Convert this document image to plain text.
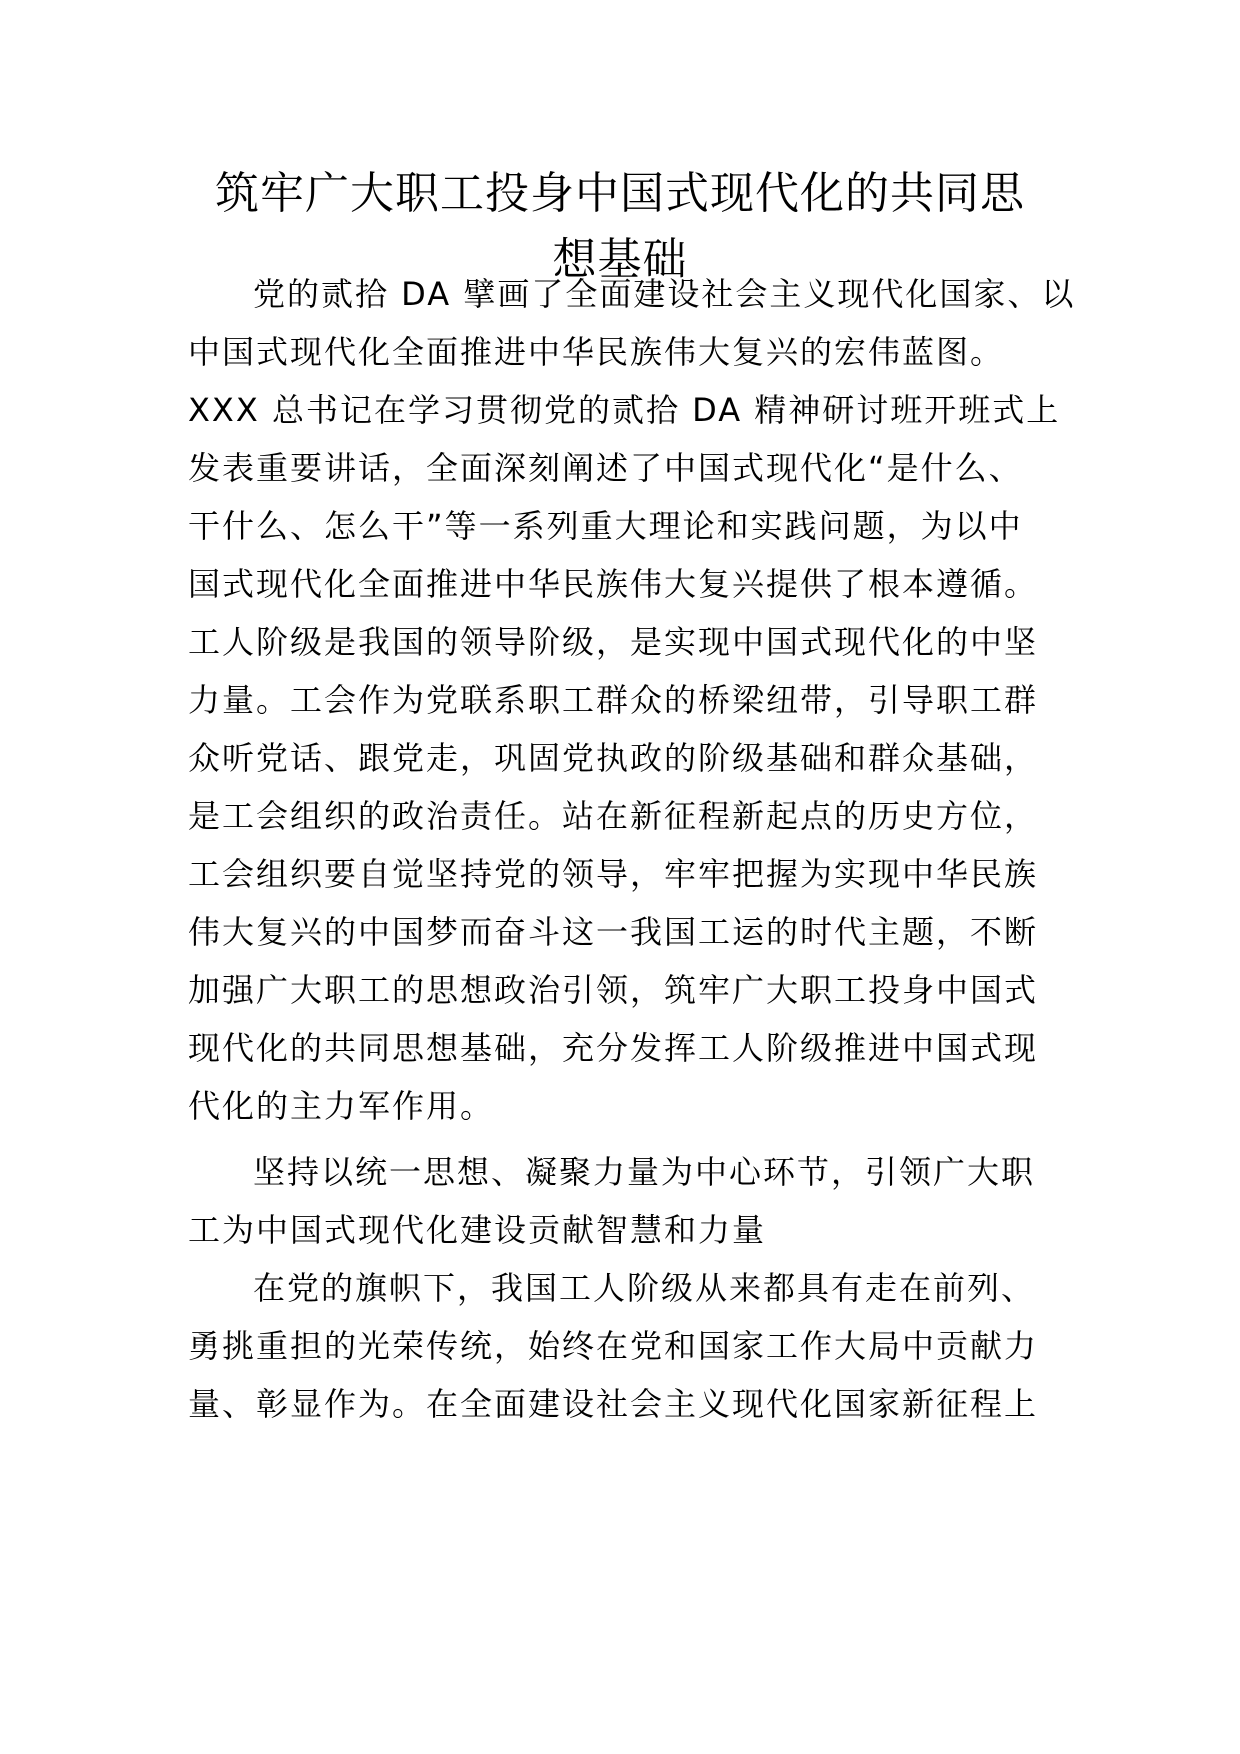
筑牢广大职工投身中国式现代化的共同思
想基础
党的贰拾 DA 擘画了全面建设社会主义现代化国家、以
中国式现代化全面推进中华民族伟大复兴的宏伟蓝图。
XXX 总书记在学习贯彻党的贰拾 DA 精神研讨班开班式上
发表重要讲话，全面深刻阐述了中国式现代化“是什么、
干什么、怎么干”等一系列重大理论和实践问题，为以中
国式现代化全面推进中华民族伟大复兴提供了根本遵循。
工人阶级是我国的领导阶级，是实现中国式现代化的中坚
力量。工会作为党联系职工群众的桥梁纽带，引导职工群
众听党话、跟党走，巩固党执政的阶级基础和群众基础，
是工会组织的政治责任。站在新征程新起点的历史方位，
工会组织要自觉坚持党的领导，牢牢把握为实现中华民族
伟大复兴的中国梦而奋斗这一我国工运的时代主题，不断
加强广大职工的思想政治引领，筑牢广大职工投身中国式
现代化的共同思想基础，充分发挥工人阶级推进中国式现
代化的主力军作用。
坚持以统一思想、凝聚力量为中心环节，引领广大职
工为中国式现代化建设贡献智慧和力量
在党的旗帜下，我国工人阶级从来都具有走在前列、
勇挑重担的光荣传统，始终在党和国家工作大局中贡献力
量、彰显作为。在全面建设社会主义现代化国家新征程上
